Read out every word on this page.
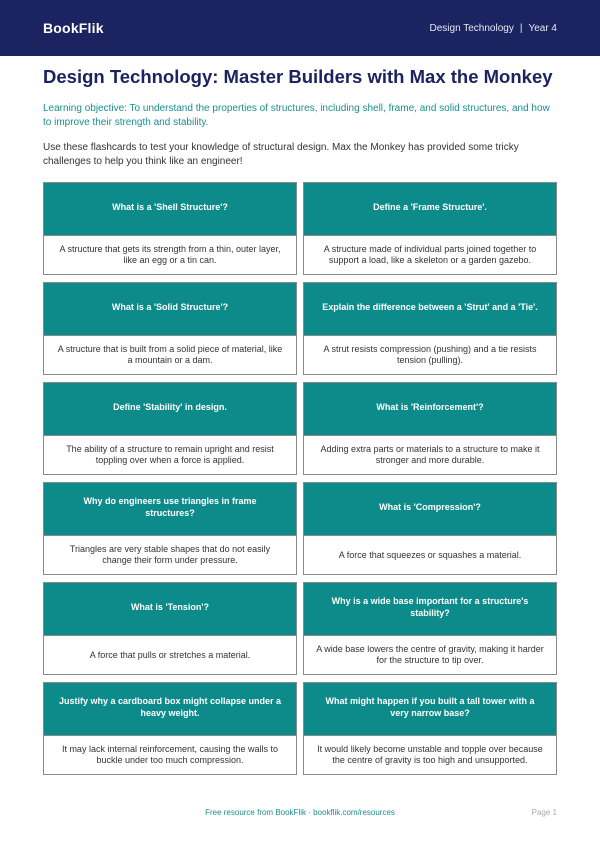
BookFlik	Design Technology | Year 4
Design Technology: Master Builders with Max the Monkey

Learning objective: To understand the properties of structures, including shell, frame, and solid structures, and how to improve their strength and stability.

Use these flashcards to test your knowledge of structural design. Max the Monkey has provided some tricky challenges to help you think like an engineer!

What is a 'Shell Structure'?
A structure that gets its strength from a thin, outer layer, like an egg or a tin can.
Define a 'Frame Structure'.
A structure made of individual parts joined together to support a load, like a skeleton or a garden gazebo.
What is a 'Solid Structure'?
A structure that is built from a solid piece of material, like a mountain or a dam.
Explain the difference between a 'Strut' and a 'Tie'.
A strut resists compression (pushing) and a tie resists tension (pulling).
Define 'Stability' in design.
The ability of a structure to remain upright and resist toppling over when a force is applied.
What is 'Reinforcement'?
Adding extra parts or materials to a structure to make it stronger and more durable.
Why do engineers use triangles in frame structures?
Triangles are very stable shapes that do not easily change their form under pressure.
What is 'Compression'?
A force that squeezes or squashes a material.
What is 'Tension'?
A force that pulls or stretches a material.
Why is a wide base important for a structure's stability?
A wide base lowers the centre of gravity, making it harder for the structure to tip over.
Justify why a cardboard box might collapse under a heavy weight.
It may lack internal reinforcement, causing the walls to buckle under too much compression.
What might happen if you built a tall tower with a very narrow base?
It would likely become unstable and topple over because the centre of gravity is too high and unsupported.
Free resource from BookFlik · bookflik.com/resources	Page 1
